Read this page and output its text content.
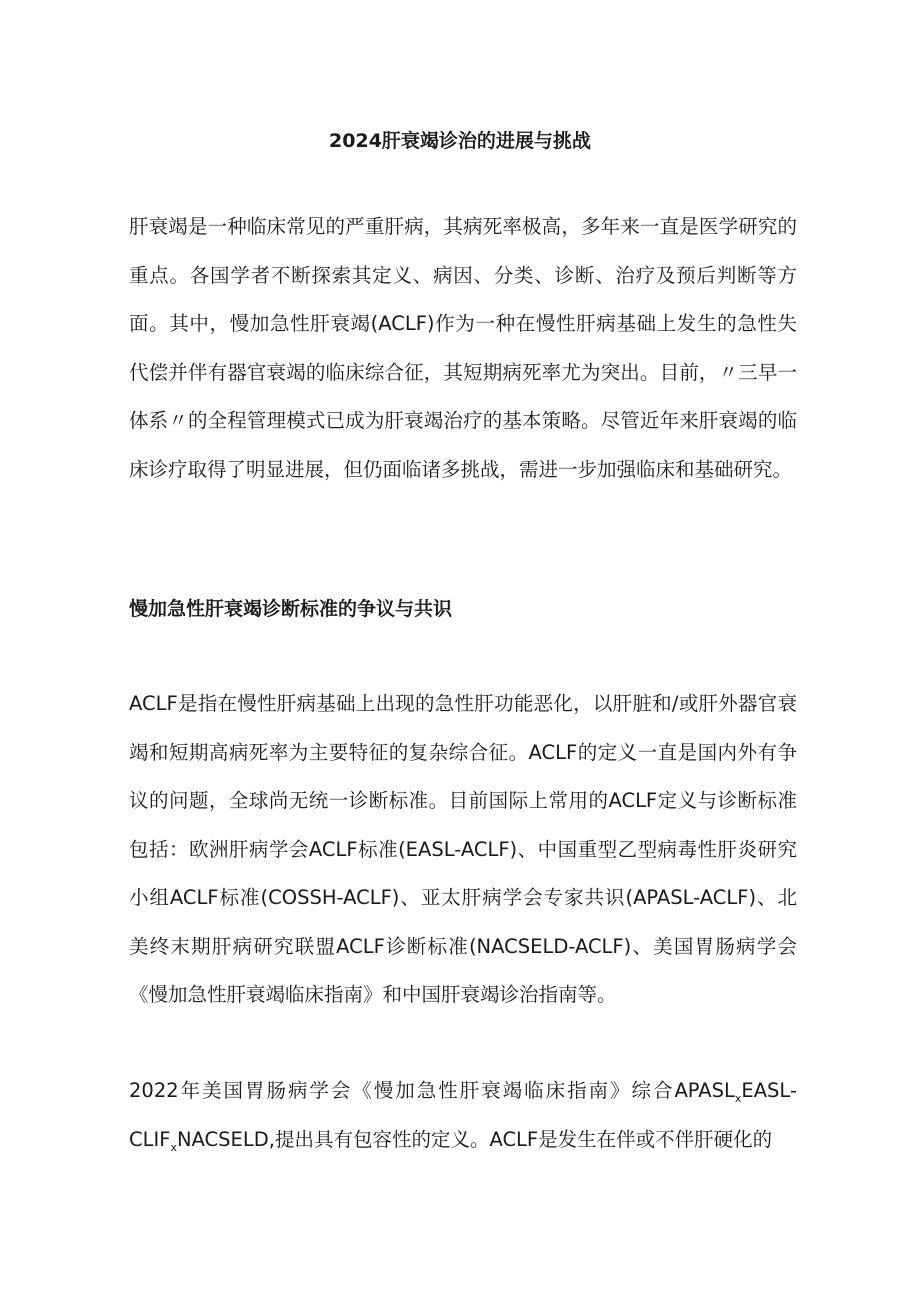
2024肝衰竭诊治的进展与挑战

肝衰竭是一种临床常见的严重肝病，其病死率极高，多年来一直是医学研究的重点。各国学者不断探索其定义、病因、分类、诊断、治疗及预后判断等方面。其中，慢加急性肝衰竭(ACLF)作为一种在慢性肝病基础上发生的急性失代偿并伴有器官衰竭的临床综合征，其短期病死率尤为突出。目前，〃三早一体系〃的全程管理模式已成为肝衰竭治疗的基本策略。尽管近年来肝衰竭的临床诊疗取得了明显进展，但仍面临诸多挑战，需进一步加强临床和基础研究。

慢加急性肝衰竭诊断标准的争议与共识

ACLF是指在慢性肝病基础上出现的急性肝功能恶化，以肝脏和/或肝外器官衰竭和短期高病死率为主要特征的复杂综合征。ACLF的定义一直是国内外有争议的问题，全球尚无统一诊断标准。目前国际上常用的ACLF定义与诊断标准包括：欧洲肝病学会ACLF标准(EASL-ACLF)、中国重型乙型病毒性肝炎研究小组ACLF标准(COSSH-ACLF)、亚太肝病学会专家共识(APASL-ACLF)、北美终末期肝病研究联盟ACLF诊断标准(NACSELD-ACLF)、美国胃肠病学会《慢加急性肝衰竭临床指南》和中国肝衰竭诊治指南等。

2022年美国胃肠病学会《慢加急性肝衰竭临床指南》综合$APASL_xEASL-CLIF_xNACSELD$,提出具有包容性的定义。ACLF是发生在伴或不伴肝硬化的
